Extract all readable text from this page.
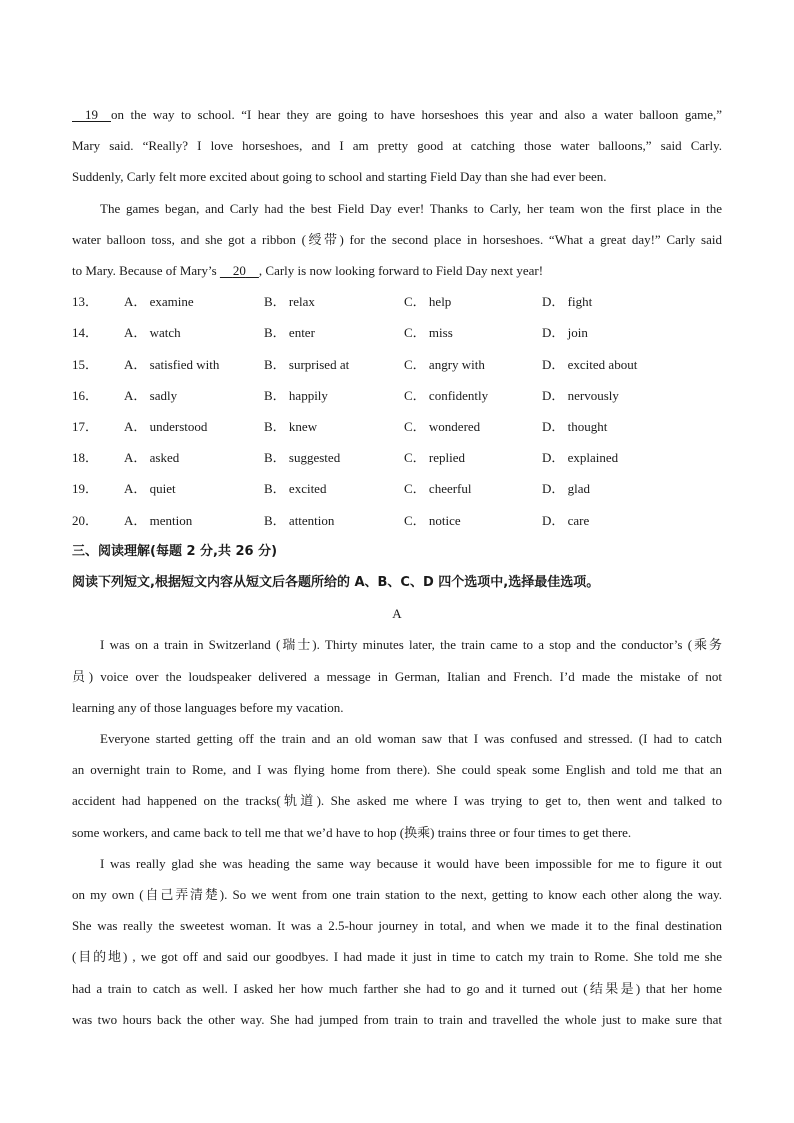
19 on the way to school. “I hear they are going to have horseshoes this year and also a water balloon game,”

Mary said. “Really? I love horseshoes, and I am pretty good at catching those water balloons,” said Carly.

Suddenly, Carly felt more excited about going to school and starting Field Day than she had ever been.

The games began, and Carly had the best Field Day ever! Thanks to Carly, her team won the first place in the

water balloon toss, and she got a ribbon (绶带) for the second place in horseshoes. “What a great day!” Carly said

to Mary. Because of Mary’s 20 , Carly is now looking forward to Field Day next year!

13．	A． examine	B． relax	C． help	D． fight
14．	A． watch	B． enter	C． miss	D． join
15．	A． satisfied with	B． surprised at	C． angry with	D． excited about
16．	A． sadly	B． happily	C． confidently	D． nervously
17．	A． understood	B． knew	C． wondered	D． thought
18．	A． asked	B． suggested	C． replied	D． explained
19．	A． quiet	B． excited	C． cheerful	D． glad
20．	A． mention	B． attention	C． notice	D． care

三、阅读理解(每题 2 分,共 26 分)

阅读下列短文,根据短文内容从短文后各题所给的 A、B、C、D 四个选项中,选择最佳选项。

A

I was on a train in Switzerland (瑞士). Thirty minutes later, the train came to a stop and the conductor’s (乘务

员) voice over the loudspeaker delivered a message in German, Italian and French. I’d made the mistake of not

learning any of those languages before my vacation.

Everyone started getting off the train and an old woman saw that I was confused and stressed. (I had to catch

an overnight train to Rome, and I was flying home from there). She could speak some English and told me that an

accident had happened on the tracks(轨道). She asked me where I was trying to get to, then went and talked to

some workers, and came back to tell me that we’d have to hop (换乘) trains three or four times to get there.

I was really glad she was heading the same way because it would have been impossible for me to figure it out

on my own (自己弄清楚). So we went from one train station to the next, getting to know each other along the way.

She was really the sweetest woman. It was a 2.5-hour journey in total, and when we made it to the final destination

(目的地) , we got off and said our goodbyes. I had made it just in time to catch my train to Rome. She told me she

had a train to catch as well. I asked her how much farther she had to go and it turned out (结果是) that her home

was two hours back the other way. She had jumped from train to train and travelled the whole just to make sure that
